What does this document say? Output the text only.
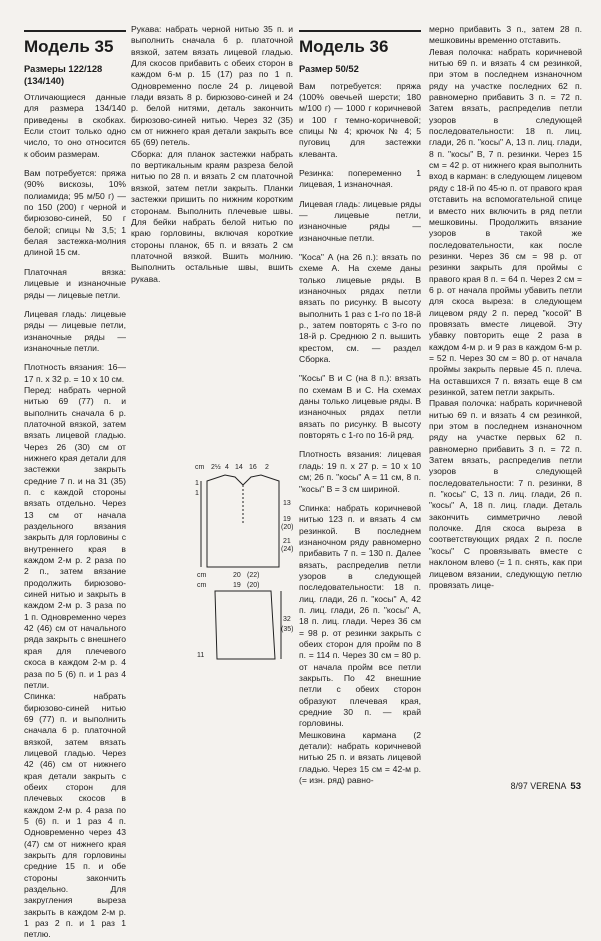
Модель 35
Размеры 122/128 (134/140)

Отличающиеся данные для размера 134/140 приведены в скобках. Если стоит только одно число, то оно относится к обоим размерам.

Вам потребуется: пряжа (90% вискозы, 10% полиамида; 95 м/50 г) — по 150 (200) г черной и бирюзово-синей, 50 г белой; спицы № 3,5; 1 белая застежка-молния длиной 15 см.

Платочная вязка: лицевые и изнаночные ряды — лицевые петли.

Лицевая гладь: лицевые ряды — лицевые петли, изнаночные ряды — изнаночные петли.

Плотность вязания: 16—17 п. х 32 р. = 10 х 10 см.

Перед: набрать черной нитью 69 (77) п. и выполнить сначала 6 р. платочной вязкой, затем вязать лицевой гладью. Через 26 (30) см от нижнего края детали для застежки закрыть средние 7 п. и на 31 (35) п. с каждой стороны вязать отдельно. Через 13 см от начала раздельного вязания закрыть для горловины с внутреннего края в каждом 2-м р. 2 раза по 2 п., затем вязание продолжить бирюзово-синей нитью и закрыть в каждом 2-м р. 3 раза по 1 п. Одновременно через 42 (46) см от начального ряда закрыть с внешнего края для плечевого скоса в каждом 2-м р. 4 раза по 5 (6) п. и 1 раз 4 петли.

Спинка: набрать бирюзово-синей нитью 69 (77) п. и выполнить сначала 6 р. платочной вязкой, затем вязать лицевой гладью. Через 42 (46) см от нижнего края детали закрыть с обеих сторон для плечевых скосов в каждом 2-м р. 4 раза по 5 (6) п. и 1 раз 4 п. Одновременно через 43 (47) см от нижнего края закрыть для горловины средние 15 п. и обе стороны закончить раздельно. Для закругления выреза закрыть в каждом 2-м р. 1 раз 2 п. и 1 раз 1 петлю.

Рукава: набрать черной нитью 35 п. и выполнить сначала 6 р. платочной вязкой, затем вязать лицевой гладью. Для скосов прибавить с обеих сторон в каждом 6-м р. 15 (17) раз по 1 п. Одновременно после 24 р. лицевой глади вязать 8 р. бирюзово-синей и 24 р. белой нитями, деталь закончить бирюзово-синей нитью. Через 32 (35) см от нижнего края детали закрыть все 65 (69) петель.

Сборка: для планок застежки набрать по вертикальным краям разреза белой нитью по 28 п. и вязать 2 см платочной вязкой, затем петли закрыть. Планки застежки пришить по нижним коротким сторонам. Выполнить плечевые швы. Для бейки набрать белой нитью по краю горловины, включая короткие стороны планок, 65 п. и вязать 2 см платочной вязкой. Вшить молнию. Выполнить остальные швы, вшить рукава.

cm 2½ 4 14 16 2
1
1
13
19
(20)
21
(24)
cm	20 (22)
cm	19 (20)
32
(35)
11
Модель 36
Размер 50/52

Вам потребуется: пряжа (100% овечьей шерсти; 180 м/100 г) — 1000 г коричневой и 100 г темно-коричневой; спицы № 4; крючок № 4; 5 пуговиц для застежки клеванта.

Резинка: попеременно 1 лицевая, 1 изнаночная.

Лицевая гладь: лицевые ряды — лицевые петли, изнаночные ряды — изнаночные петли.

"Коса" A (на 26 п.): вязать по схеме A. На схеме даны только лицевые ряды. В изнаночных рядах петли вязать по рисунку. В высоту выполнить 1 раз с 1-го по 18-й р., затем повторять с 3-го по 18-й р. Среднюю 2 п. вышить крестом, см. — раздел Сборка.

"Косы" B и C (на 8 п.): вязать по схемам B и C. На схемах даны только лицевые ряды. В изнаночных рядах петли вязать по рисунку. В высоту повторять с 1-го по 16-й ряд.

Плотность вязания: лицевая гладь: 19 п. х 27 р. = 10 х 10 см; 26 п. "косы" A = 11 см, 8 п. "косы" B = 3 см шириной.

Спинка: набрать коричневой нитью 123 п. и вязать 4 см резинкой. В последнем изнаночном ряду равномерно прибавить 7 п. = 130 п. Далее вязать, распределив петли узоров в следующей последовательности: 18 п. лиц. глади, 26 п. "косы" A, 42 п. лиц. глади, 26 п. "косы" A, 18 п. лиц. глади. Через 36 см = 98 р. от резинки закрыть с обеих сторон для пройм по 8 п. = 114 п. Через 30 см = 80 р. от начала пройм все петли закрыть. По 42 внешние петли с обеих сторон образуют плечевая края, средние 30 п. — край горловины.

Мешковина кармана (2 детали): набрать коричневой нитью 25 п. и вязать лицевой гладью. Через 15 см = 42-м р. (= изн. ряд) равно-

мерно прибавить 3 п., затем 28 п. мешковины временно отставить.

Левая полочка: набрать коричневой нитью 69 п. и вязать 4 см резинкой, при этом в последнем изнаночном ряду на участке последних 62 п. равномерно прибавить 3 п. = 72 п. Затем вязать, распределив петли узоров в следующей последовательности: 18 п. лиц. глади, 26 п. "косы" A, 13 п. лиц. глади, 8 п. "косы" B, 7 п. резинки. Через 15 см = 42 р. от нижнего края выполнить вход в карман: в следующем лицевом ряду с 18-й по 45-ю п. от правого края отставить на вспомогательной спице и вместо них включить в ряд петли мешковины. Продолжить вязание узоров в такой же последовательности, как после резинки. Через 36 см = 98 р. от резинки закрыть для проймы с правого края 8 п. = 64 п. Через 2 см = 6 р. от начала проймы убавить петли для скоса выреза: в следующем лицевом ряду 2 п. перед "косой" B провязать вместе лицевой. Эту убавку повторить еще 2 раза в каждом 4-м р. и 9 раз в каждом 6-м р. = 52 п. Через 30 см = 80 р. от начала проймы закрыть первые 45 п. плеча. На оставшихся 7 п. вязать еще 8 см резинкой, затем петли закрыть.

Правая полочка: набрать коричневой нитью 69 п. и вязать 4 см резинкой, при этом в последнем изнаночном ряду на участке первых 62 п. равномерно прибавить 3 п. = 72 п. Затем вязать, распределив петли узоров в следующей последовательности: 7 п. резинки, 8 п. "косы" C, 13 п. лиц. глади, 26 п. "косы" A, 18 п. лиц. глади. Деталь закончить симметрично левой полочке. Для скоса выреза в соответствующих рядах 2 п. после "косы" C провязывать вместе с наклоном влево (= 1 п. снять, как при лицевом вязании, следующую петлю провязать лице-

8/97 VERENA 53
